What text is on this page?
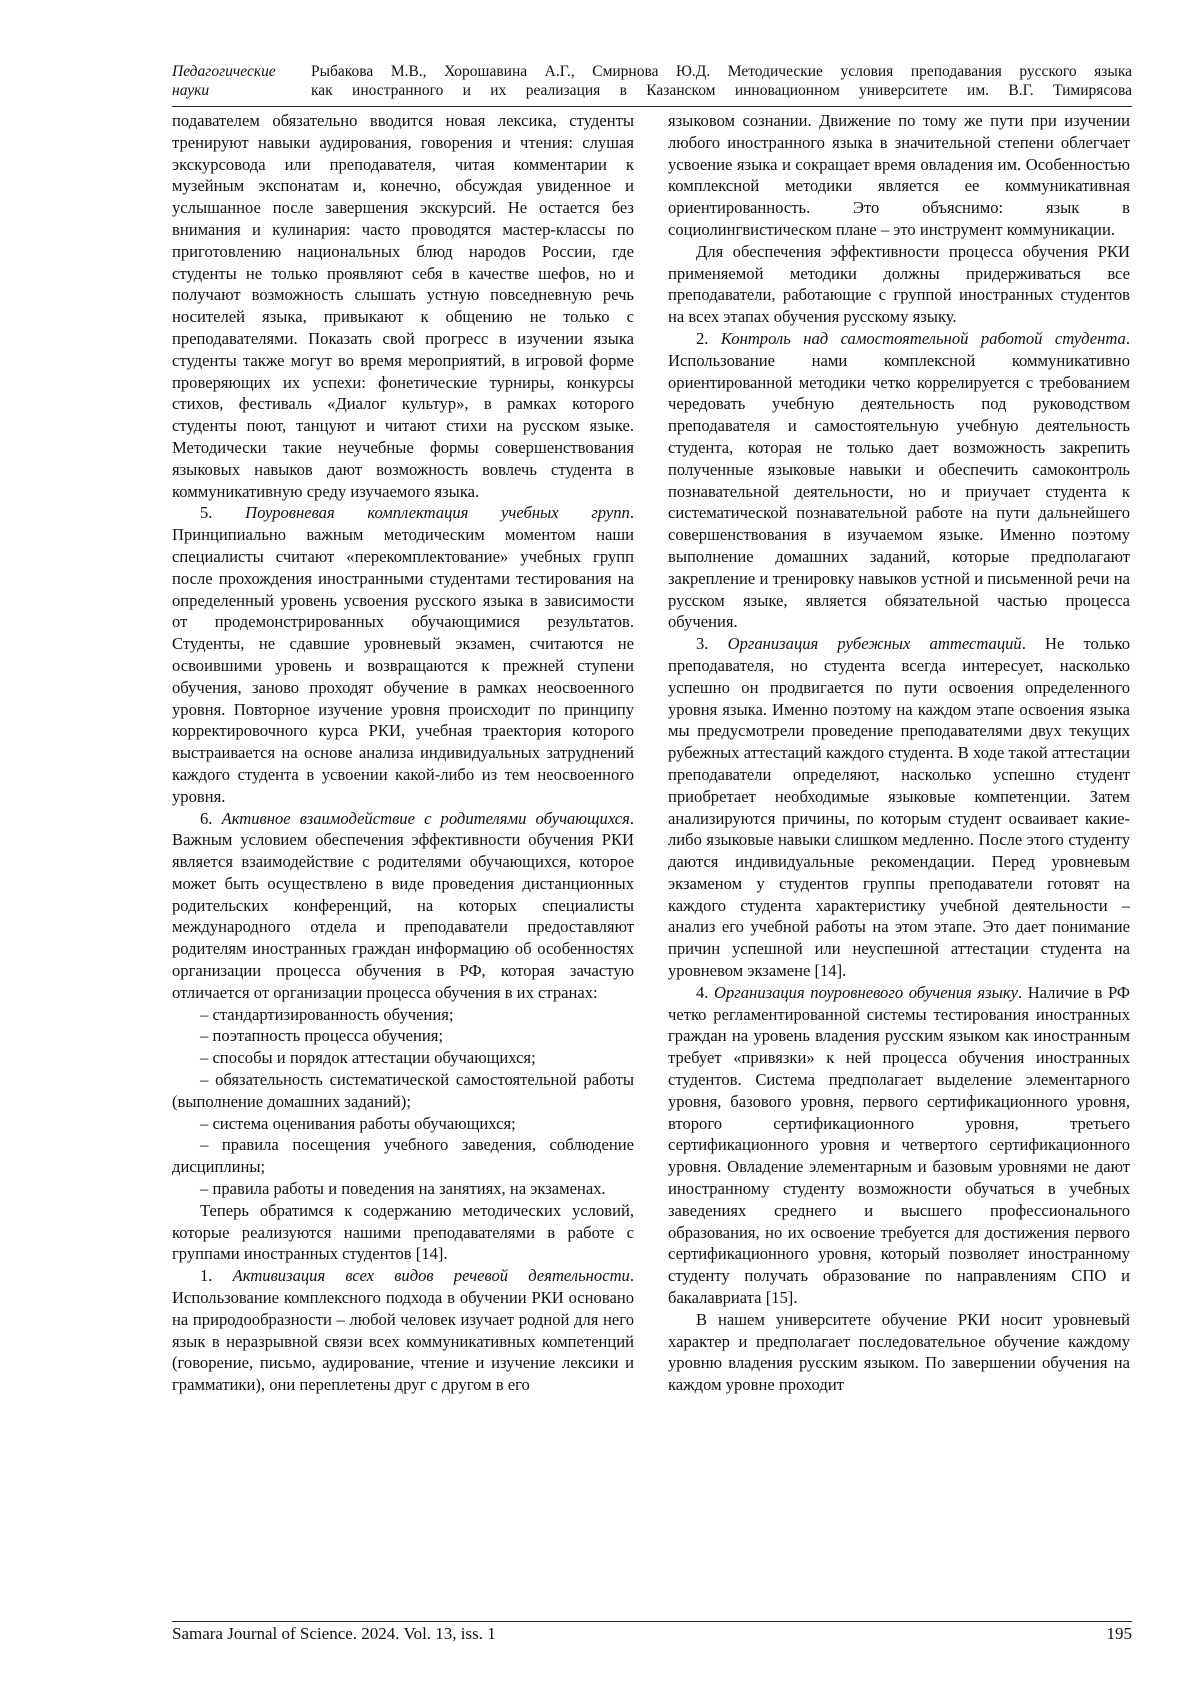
Педагогические
науки
Рыбакова М.В., Хорошавина А.Г., Смирнова Ю.Д. Методические условия преподавания русского языка
как иностранного и их реализация в Казанском инновационном университете им. В.Г. Тимирясова

подавателем обязательно вводится новая лексика, студенты тренируют навыки аудирования, говорения и чтения: слушая экскурсовода или преподавателя, читая комментарии к музейным экспонатам и, конечно, обсуждая увиденное и услышанное после завершения экскурсий. Не остается без внимания и кулинария: часто проводятся мастер-классы по приготовлению национальных блюд народов России, где студенты не только проявляют себя в качестве шефов, но и получают возможность слышать устную повседневную речь носителей языка, привыкают к общению не только с преподавателями. Показать свой прогресс в изучении языка студенты также могут во время мероприятий, в игровой форме проверяющих их успехи: фонетические турниры, конкурсы стихов, фестиваль «Диалог культур», в рамках которого студенты поют, танцуют и читают стихи на русском языке. Методически такие неучебные формы совершенствования языковых навыков дают возможность вовлечь студента в коммуникативную среду изучаемого языка.

5. Поуровневая комплектация учебных групп. Принципиально важным методическим моментом наши специалисты считают «перекомплектование» учебных групп после прохождения иностранными студентами тестирования на определенный уровень усвоения русского языка в зависимости от продемонстрированных обучающимися результатов. Студенты, не сдавшие уровневый экзамен, считаются не освоившими уровень и возвращаются к прежней ступени обучения, заново проходят обучение в рамках неосвоенного уровня. Повторное изучение уровня происходит по принципу корректировочного курса РКИ, учебная траектория которого выстраивается на основе анализа индивидуальных затруднений каждого студента в усвоении какой-либо из тем неосвоенного уровня.

6. Активное взаимодействие с родителями обучающихся. Важным условием обеспечения эффективности обучения РКИ является взаимодействие с родителями обучающихся, которое может быть осуществлено в виде проведения дистанционных родительских конференций, на которых специалисты международного отдела и преподаватели предоставляют родителям иностранных граждан информацию об особенностях организации процесса обучения в РФ, которая зачастую отличается от организации процесса обучения в их странах:

– стандартизированность обучения;

– поэтапность процесса обучения;

– способы и порядок аттестации обучающихся;

– обязательность систематической самостоятельной работы (выполнение домашних заданий);

– система оценивания работы обучающихся;

– правила посещения учебного заведения, соблюдение дисциплины;

– правила работы и поведения на занятиях, на экзаменах.

Теперь обратимся к содержанию методических условий, которые реализуются нашими преподавателями в работе с группами иностранных студентов [14].

1. Активизация всех видов речевой деятельности. Использование комплексного подхода в обучении РКИ основано на природообразности – любой человек изучает родной для него язык в неразрывной связи всех коммуникативных компетенций (говорение, письмо, аудирование, чтение и изучение лексики и грамматики), они переплетены друг с другом в его

языковом сознании. Движение по тому же пути при изучении любого иностранного языка в значительной степени облегчает усвоение языка и сокращает время овладения им. Особенностью комплексной методики является ее коммуникативная ориентированность. Это объяснимо: язык в социолингвистическом плане – это инструмент коммуникации.

Для обеспечения эффективности процесса обучения РКИ применяемой методики должны придерживаться все преподаватели, работающие с группой иностранных студентов на всех этапах обучения русскому языку.

2. Контроль над самостоятельной работой студента. Использование нами комплексной коммуникативно ориентированной методики четко коррелируется с требованием чередовать учебную деятельность под руководством преподавателя и самостоятельную учебную деятельность студента, которая не только дает возможность закрепить полученные языковые навыки и обеспечить самоконтроль познавательной деятельности, но и приучает студента к систематической познавательной работе на пути дальнейшего совершенствования в изучаемом языке. Именно поэтому выполнение домашних заданий, которые предполагают закрепление и тренировку навыков устной и письменной речи на русском языке, является обязательной частью процесса обучения.

3. Организация рубежных аттестаций. Не только преподавателя, но студента всегда интересует, насколько успешно он продвигается по пути освоения определенного уровня языка. Именно поэтому на каждом этапе освоения языка мы предусмотрели проведение преподавателями двух текущих рубежных аттестаций каждого студента. В ходе такой аттестации преподаватели определяют, насколько успешно студент приобретает необходимые языковые компетенции. Затем анализируются причины, по которым студент осваивает какие-либо языковые навыки слишком медленно. После этого студенту даются индивидуальные рекомендации. Перед уровневым экзаменом у студентов группы преподаватели готовят на каждого студента характеристику учебной деятельности – анализ его учебной работы на этом этапе. Это дает понимание причин успешной или неуспешной аттестации студента на уровневом экзамене [14].

4. Организация поуровневого обучения языку. Наличие в РФ четко регламентированной системы тестирования иностранных граждан на уровень владения русским языком как иностранным требует «привязки» к ней процесса обучения иностранных студентов. Система предполагает выделение элементарного уровня, базового уровня, первого сертификационного уровня, второго сертификационного уровня, третьего сертификационного уровня и четвертого сертификационного уровня. Овладение элементарным и базовым уровнями не дают иностранному студенту возможности обучаться в учебных заведениях среднего и высшего профессионального образования, но их освоение требуется для достижения первого сертификационного уровня, который позволяет иностранному студенту получать образование по направлениям СПО и бакалавриата [15].

В нашем университете обучение РКИ носит уровневый характер и предполагает последовательное обучение каждому уровню владения русским языком. По завершении обучения на каждом уровне проходит

Samara Journal of Science. 2024. Vol. 13, iss. 1	195
